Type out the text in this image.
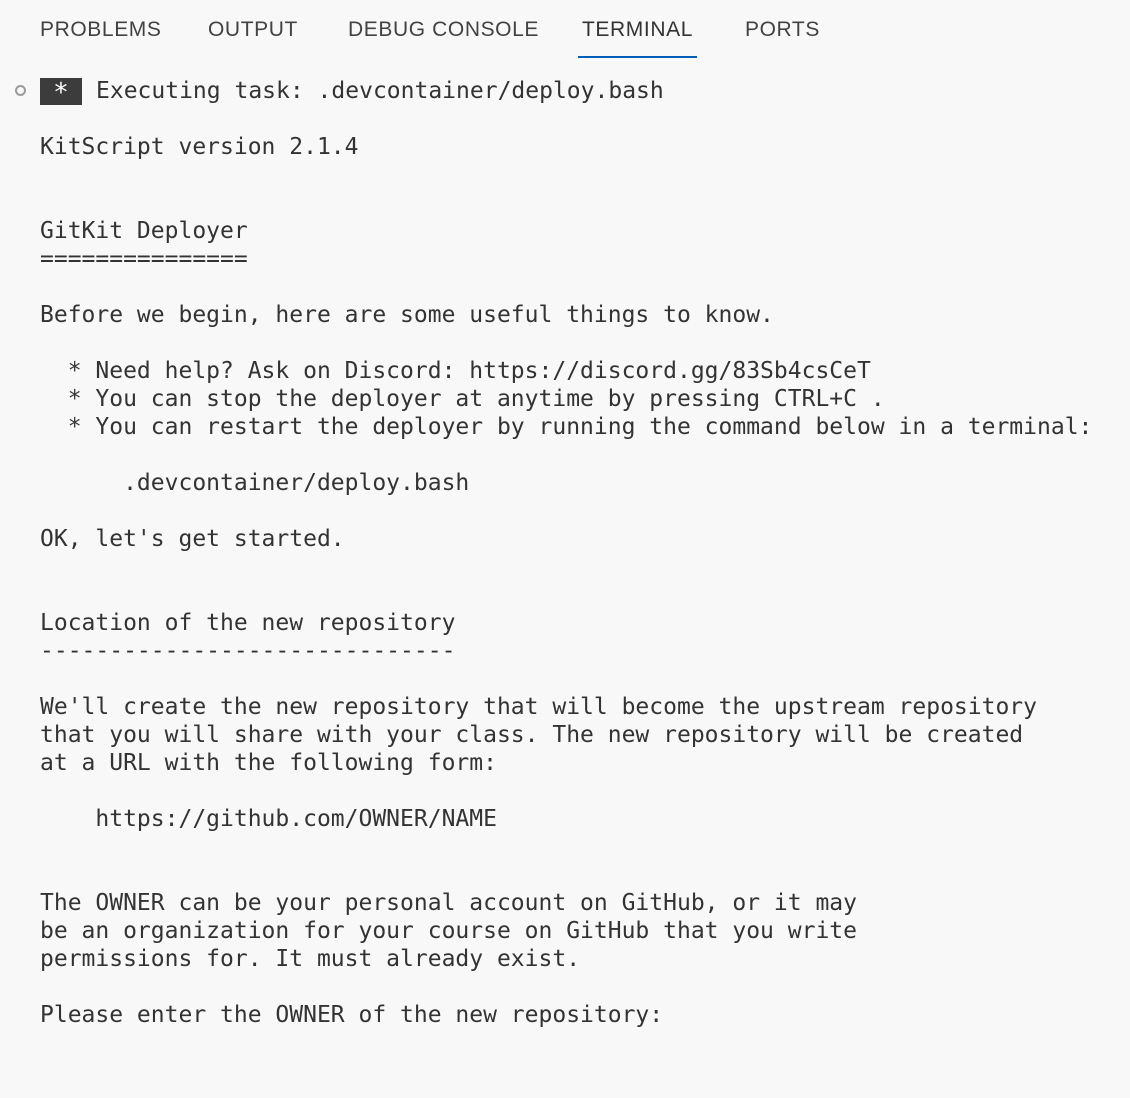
PROBLEMS OUTPUT DEBUG CONSOLE TERMINAL PORTS
*	Executing task: .devcontainer/deploy.bash
KitScript version 2.1.4
GitKit Deployer
===============
Before we begin, here are some useful things to know.
* Need help? Ask on Discord: https://discord.gg/83Sb4csCeT
* You can stop the deployer at anytime by pressing CTRL+C .
* You can restart the deployer by running the command below in a terminal:
.devcontainer/deploy.bash
OK, let's get started.
Location of the new repository
------------------------------
We'll create the new repository that will become the upstream repository
that you will share with your class. The new repository will be created
at a URL with the following form:
https://github.com/OWNER/NAME
The OWNER can be your personal account on GitHub, or it may
be an organization for your course on GitHub that you write
permissions for. It must already exist.
Please enter the OWNER of the new repository:
